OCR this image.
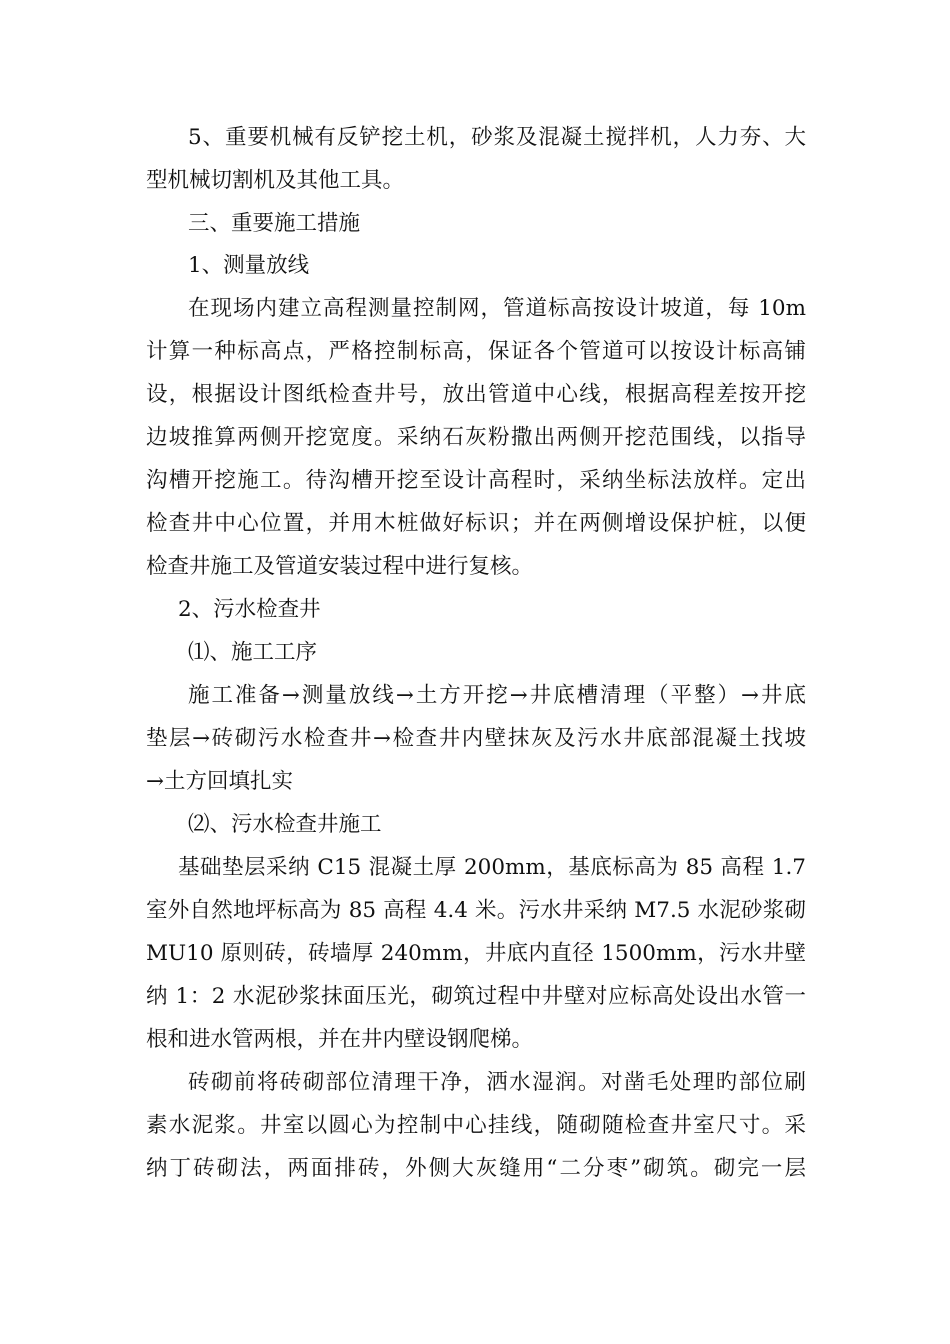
5、重要机械有反铲挖土机，砂浆及混凝土搅拌机，人力夯、大
型机械切割机及其他工具。
三、重要施工措施
1、测量放线
在现场内建立高程测量控制网，管道标高按设计坡道，每 10m
计算一种标高点，严格控制标高，保证各个管道可以按设计标高铺
设，根据设计图纸检查井号，放出管道中心线，根据高程差按开挖
边坡推算两侧开挖宽度。采纳石灰粉撒出两侧开挖范围线，以指导
沟槽开挖施工。待沟槽开挖至设计高程时，采纳坐标法放样。定出
检查井中心位置，并用木桩做好标识；并在两侧增设保护桩，以便
检查井施工及管道安装过程中进行复核。
2、污水检查井
⑴、施工工序
施工准备→测量放线→土方开挖→井底槽清理（平整）→井底
垫层→砖砌污水检查井→检查井内壁抹灰及污水井底部混凝土找坡
→土方回填扎实
⑵、污水检查井施工
基础垫层采纳 C15 混凝土厚 200mm，基底标高为 85 高程 1.7
室外自然地坪标高为 85 高程 4.4 米。污水井采纳 M7.5 水泥砂浆砌
MU10 原则砖，砖墙厚 240mm，井底内直径 1500mm，污水井壁
纳 1：2 水泥砂浆抹面压光，砌筑过程中井壁对应标高处设出水管一
根和进水管两根，并在井内壁设钢爬梯。
砖砌前将砖砌部位清理干净，洒水湿润。对凿毛处理旳部位刷
素水泥浆。井室以圆心为控制中心挂线，随砌随检查井室尺寸。采
纳丁砖砌法，两面排砖，外侧大灰缝用“二分枣”砌筑。砌完一层
